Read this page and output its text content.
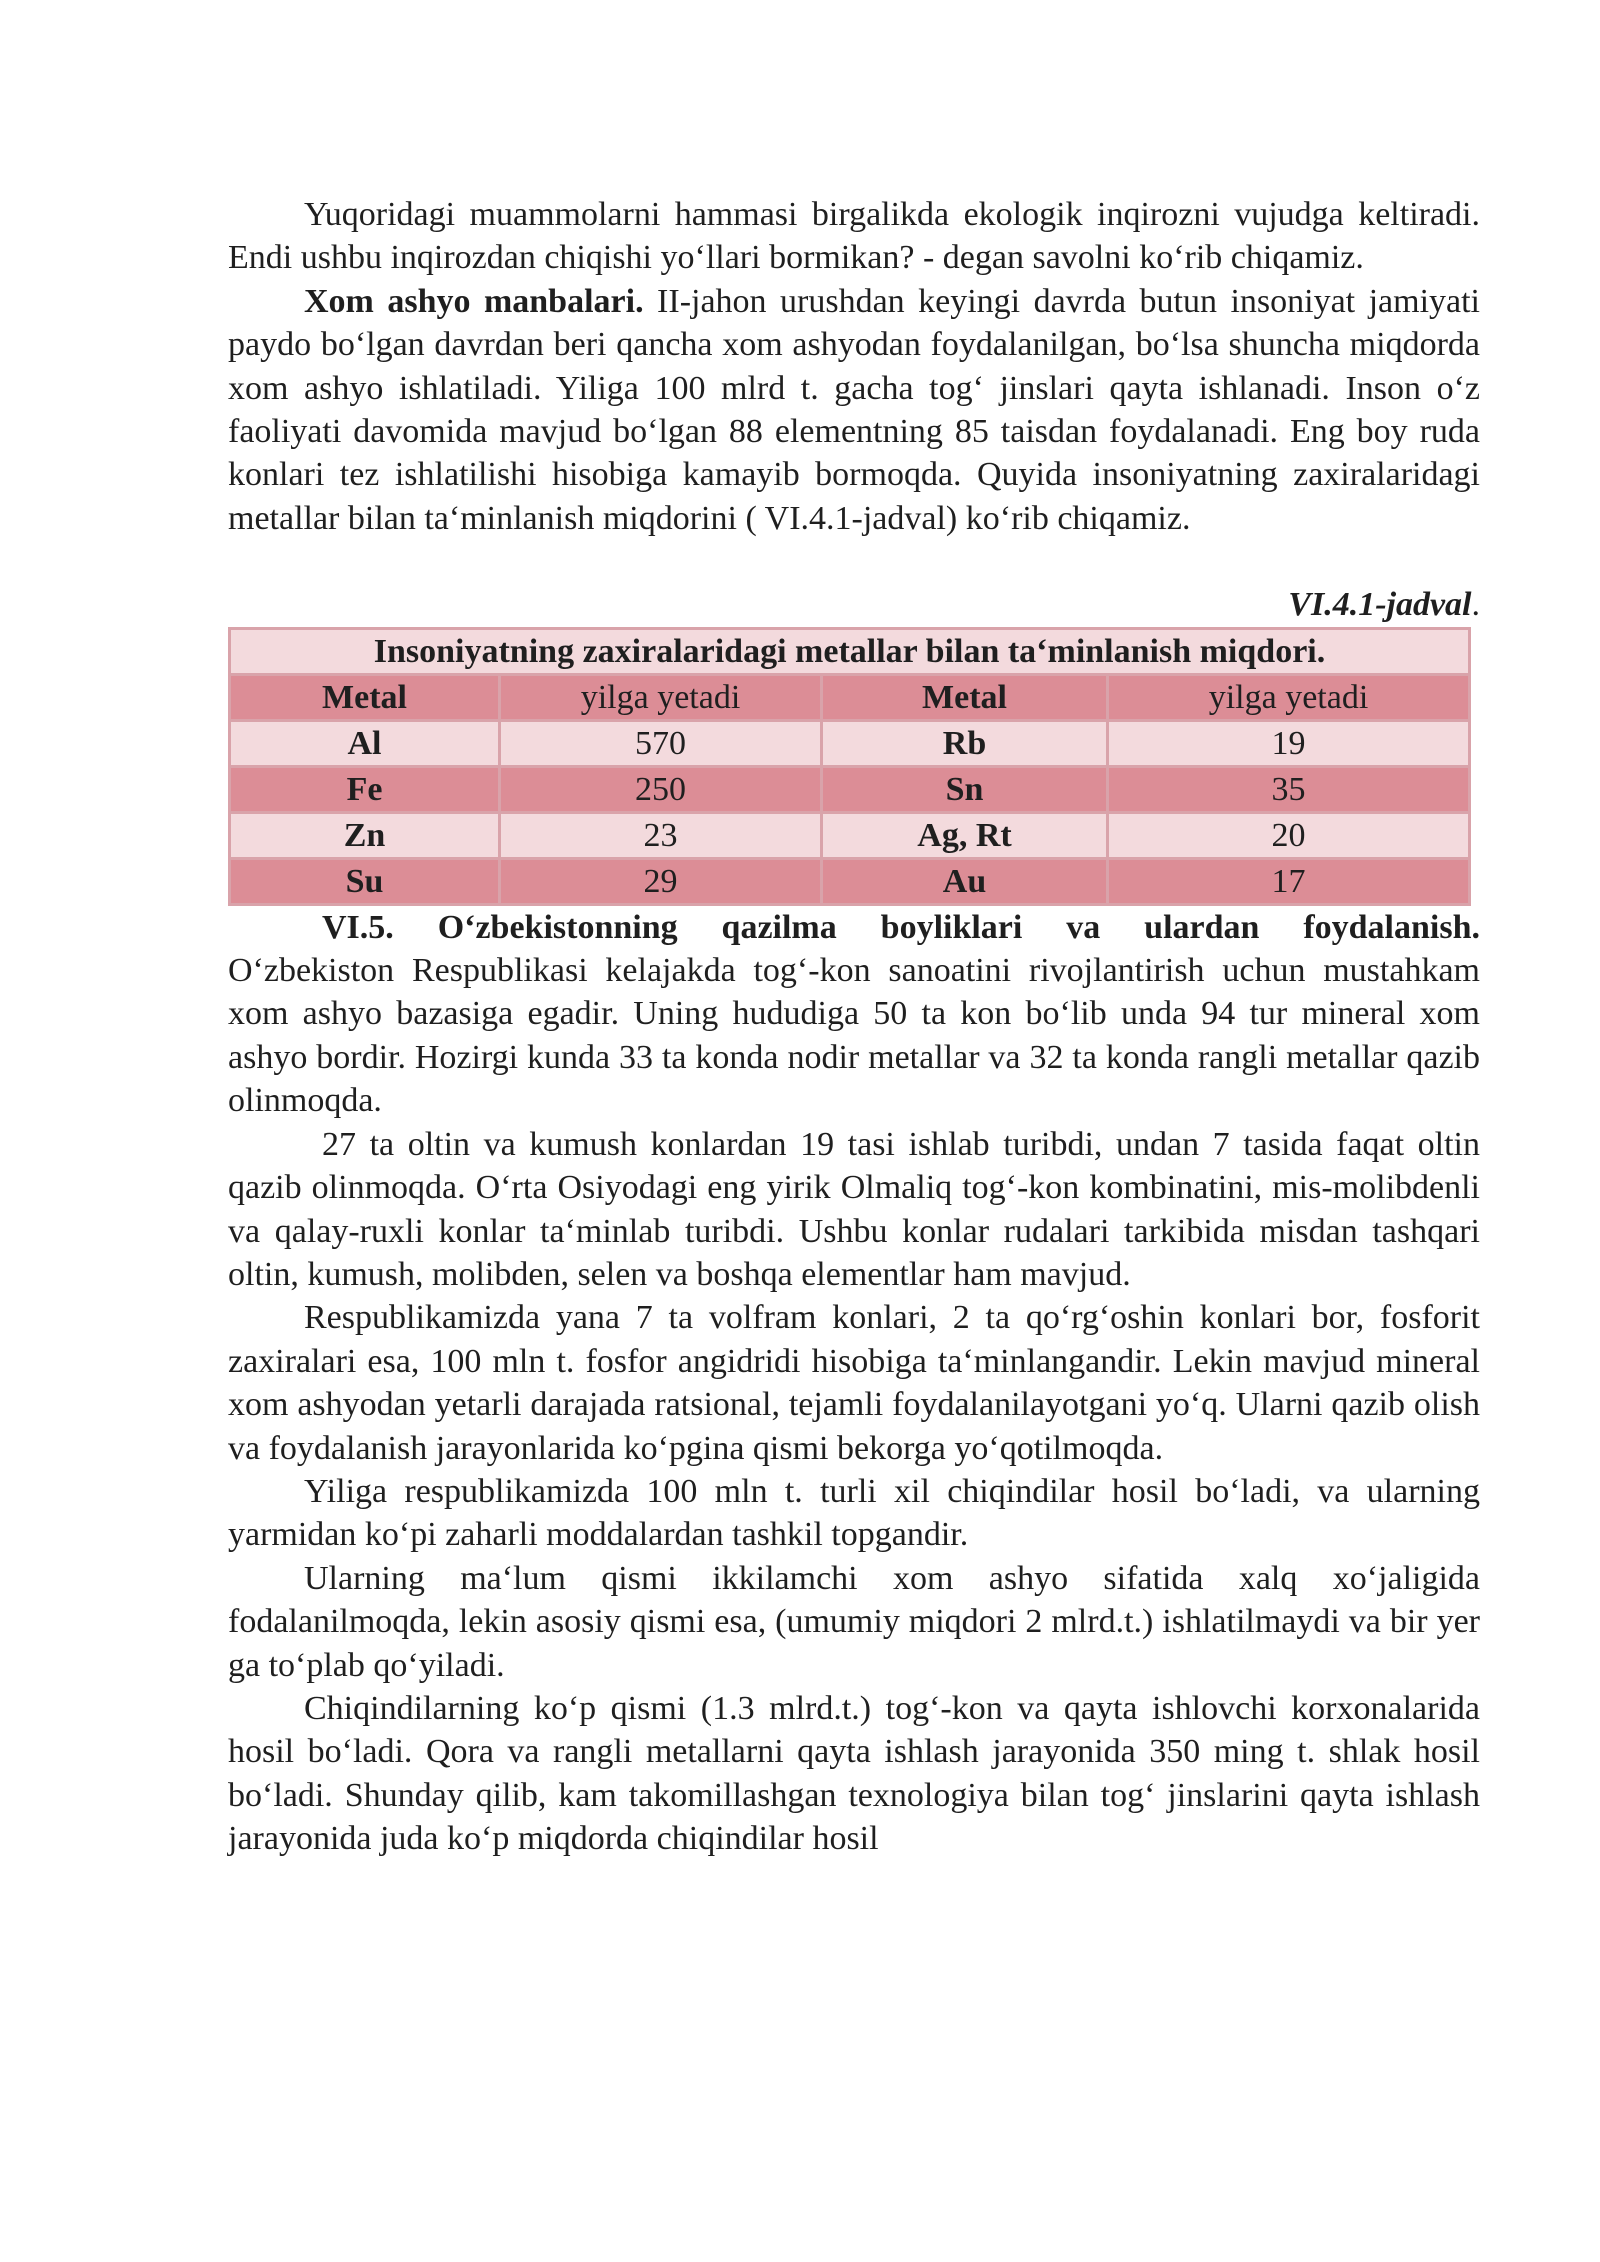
Yuqoridagi muammolarni hammasi birgalikda ekologik inqirozni vujudga keltiradi. Endi ushbu inqirozdan chiqishi yo‘llari bormikan? - degan savolni ko‘rib chiqamiz.

Xom ashyo manbalari. II-jahon urushdan keyingi davrda butun insoniyat jamiyati paydo bo‘lgan davrdan beri qancha xom ashyodan foydalanilgan, bo‘lsa shuncha miqdorda xom ashyo ishlatiladi. Yiliga 100 mlrd t. gacha tog‘ jinslari qayta ishlanadi. Inson o‘z faoliyati davomida mavjud bo‘lgan 88 elementning 85 taisdan foydalanadi. Eng boy ruda konlari tez ishlatilishi hisobiga kamayib bormoqda. Quyida insoniyatning zaxiralaridagi metallar bilan ta‘minlanish miqdorini ( VI.4.1-jadval) ko‘rib chiqamiz.

VI.4.1-jadval.
Insoniyatning zaxiralaridagi metallar bilan ta‘minlanish miqdori.			
Metal	yilga yetadi	Metal	yilga yetadi
Al	570	Rb	19
Fe	250	Sn	35
Zn	23	Ag, Rt	20
Su	29	Au	17

VI.5. O‘zbekistonning qazilma boyliklari va ulardan foydalanish.

O‘zbekiston Respublikasi kelajakda tog‘-kon sanoatini rivojlantirish uchun mustahkam xom ashyo bazasiga egadir. Uning hududiga 50 ta kon bo‘lib unda 94 tur mineral xom ashyo bordir. Hozirgi kunda 33 ta konda nodir metallar va 32 ta konda rangli metallar qazib olinmoqda.

27 ta oltin va kumush konlardan 19 tasi ishlab turibdi, undan 7 tasida faqat oltin qazib olinmoqda. O‘rta Osiyodagi eng yirik Olmaliq tog‘-kon kombinatini, mis-molibdenli va qalay-ruxli konlar ta‘minlab turibdi. Ushbu konlar rudalari tarkibida misdan tashqari oltin, kumush, molibden, selen va boshqa elementlar ham mavjud.

Respublikamizda yana 7 ta volfram konlari, 2 ta qo‘rg‘oshin konlari bor, fosforit zaxiralari esa, 100 mln t. fosfor angidridi hisobiga ta‘minlangandir. Lekin mavjud mineral xom ashyodan yetarli darajada ratsional, tejamli foydalanilayotgani yo‘q. Ularni qazib olish va foydalanish jarayonlarida ko‘pgina qismi bekorga yo‘qotilmoqda.

Yiliga respublikamizda 100 mln t. turli xil chiqindilar hosil bo‘ladi, va ularning yarmidan ko‘pi zaharli moddalardan tashkil topgandir.

Ularning ma‘lum qismi ikkilamchi xom ashyo sifatida xalq xo‘jaligida fodalanilmoqda, lekin asosiy qismi esa, (umumiy miqdori 2 mlrd.t.) ishlatilmaydi va bir yer ga to‘plab qo‘yiladi.

Chiqindilarning ko‘p qismi (1.3 mlrd.t.) tog‘-kon va qayta ishlovchi korxonalarida hosil bo‘ladi. Qora va rangli metallarni qayta ishlash jarayonida 350 ming t. shlak hosil bo‘ladi. Shunday qilib, kam takomillashgan texnologiya bilan tog‘ jinslarini qayta ishlash jarayonida juda ko‘p miqdorda chiqindilar hosil
